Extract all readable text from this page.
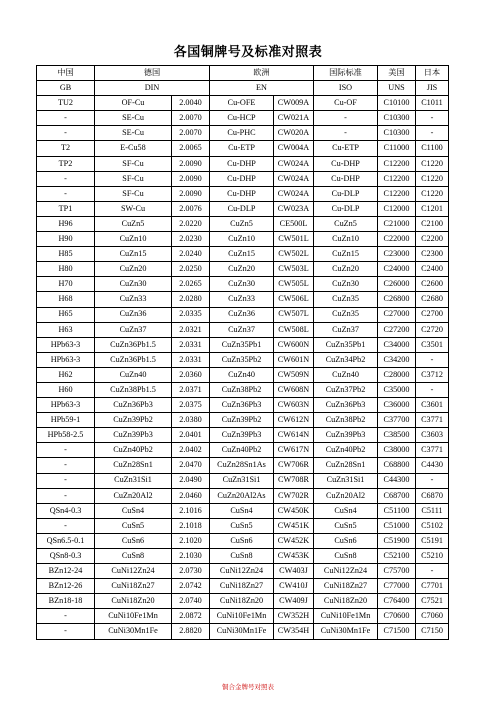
各国铜牌号及标准对照表
中国	德国		欧洲		国际标准	美国	日本
GB	DIN		EN		ISO	UNS	JIS
TU2	OF-Cu	2.0040	Cu-OFE	CW009A	Cu-OF	C10100	C1011
-	SE-Cu	2.0070	Cu-HCP	CW021A	-	C10300	-
-	SE-Cu	2.0070	Cu-PHC	CW020A	-	C10300	-
T2	E-Cu58	2.0065	Cu-ETP	CW004A	Cu-ETP	C11000	C1100
TP2	SF-Cu	2.0090	Cu-DHP	CW024A	Cu-DHP	C12200	C1220
-	SF-Cu	2.0090	Cu-DHP	CW024A	Cu-DHP	C12200	C1220
-	SF-Cu	2.0090	Cu-DHP	CW024A	Cu-DLP	C12200	C1220
TP1	SW-Cu	2.0076	Cu-DLP	CW023A	Cu-DLP	C12000	C1201
H96	CuZn5	2.0220	CuZn5	CE500L	CuZn5	C21000	C2100
H90	CuZn10	2.0230	CuZn10	CW501L	CuZn10	C22000	C2200
H85	CuZn15	2.0240	CuZn15	CW502L	CuZn15	C23000	C2300
H80	CuZn20	2.0250	CuZn20	CW503L	CuZn20	C24000	C2400
H70	CuZn30	2.0265	CuZn30	CW505L	CuZn30	C26000	C2600
H68	CuZn33	2.0280	CuZn33	CW506L	CuZn35	C26800	C2680
H65	CuZn36	2.0335	CuZn36	CW507L	CuZn35	C27000	C2700
H63	CuZn37	2.0321	CuZn37	CW508L	CuZn37	C27200	C2720
HPb63-3	CuZn36Pb1.5	2.0331	CuZn35Pb1	CW600N	CuZn35Pb1	C34000	C3501
HPb63-3	CuZn36Pb1.5	2.0331	CuZn35Pb2	CW601N	CuZn34Pb2	C34200	-
H62	CuZn40	2.0360	CuZn40	CW509N	CuZn40	C28000	C3712
H60	CuZn38Pb1.5	2.0371	CuZn38Pb2	CW608N	CuZn37Pb2	C35000	-
HPb63-3	CuZn36Pb3	2.0375	CuZn36Pb3	CW603N	CuZn36Pb3	C36000	C3601
HPb59-1	CuZn39Pb2	2.0380	CuZn39Pb2	CW612N	CuZn38Pb2	C37700	C3771
HPb58-2.5	CuZn39Pb3	2.0401	CuZn39Pb3	CW614N	CuZn39Pb3	C38500	C3603
-	CuZn40Pb2	2.0402	CuZn40Pb2	CW617N	CuZn40Pb2	C38000	C3771
-	CuZn28Sn1	2.0470	CuZn28Sn1As	CW706R	CuZn28Sn1	C68800	C4430
-	CuZn31Si1	2.0490	CuZn31Si1	CW708R	CuZn31Si1	C44300	-
-	CuZn20Al2	2.0460	CuZn20Al2As	CW702R	CuZn20Al2	C68700	C6870
QSn4-0.3	CuSn4	2.1016	CuSn4	CW450K	CuSn4	C51100	C5111
-	CuSn5	2.1018	CuSn5	CW451K	CuSn5	C51000	C5102
QSn6.5-0.1	CuSn6	2.1020	CuSn6	CW452K	CuSn6	C51900	C5191
QSn8-0.3	CuSn8	2.1030	CuSn8	CW453K	CuSn8	C52100	C5210
BZn12-24	CuNi12Zn24	2.0730	CuNi12Zn24	CW403J	CuNi12Zn24	C75700	-
BZn12-26	CuNi18Zn27	2.0742	CuNi18Zn27	CW410J	CuNi18Zn27	C77000	C7701
BZn18-18	CuNi18Zn20	2.0740	CuNi18Zn20	CW409J	CuNi18Zn20	C76400	C7521
-	CuNi10Fe1Mn	2.0872	CuNi10Fe1Mn	CW352H	CuNi10Fe1Mn	C70600	C7060
-	CuNi30Mn1Fe	2.8820	CuNi30Mn1Fe	CW354H	CuNi30Mn1Fe	C71500	C7150
铜合金牌号对照表
